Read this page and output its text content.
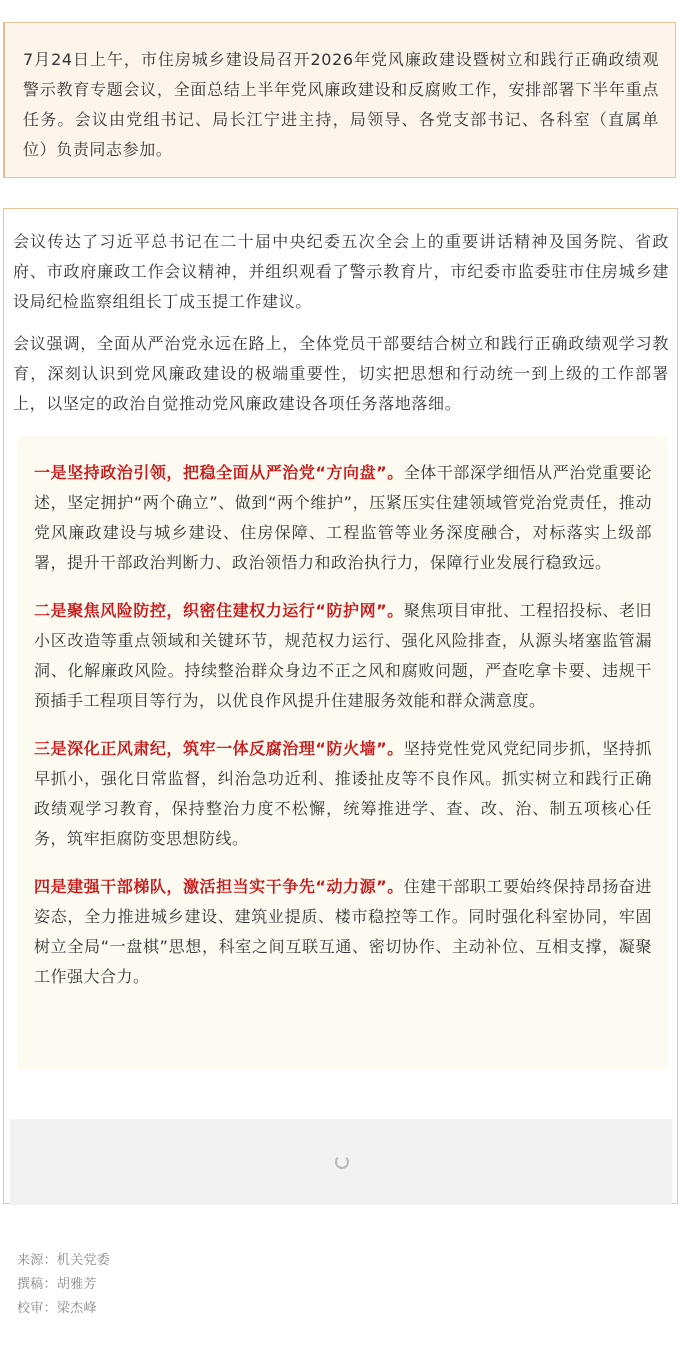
7月24日上午，市住房城乡建设局召开2026年党风廉政建设暨树立和践行正确政绩观警示教育专题会议，全面总结上半年党风廉政建设和反腐败工作，安排部署下半年重点任务。会议由党组书记、局长江宁进主持，局领导、各党支部书记、各科室（直属单位）负责同志参加。

会议传达了习近平总书记在二十届中央纪委五次全会上的重要讲话精神及国务院、省政府、市政府廉政工作会议精神，并组织观看了警示教育片，市纪委市监委驻市住房城乡建设局纪检监察组组长丁成玉提工作建议。

会议强调，全面从严治党永远在路上，全体党员干部要结合树立和践行正确政绩观学习教育，深刻认识到党风廉政建设的极端重要性，切实把思想和行动统一到上级的工作部署上，以坚定的政治自觉推动党风廉政建设各项任务落地落细。

一是坚持政治引领，把稳全面从严治党“方向盘”。全体干部深学细悟从严治党重要论述，坚定拥护“两个确立”、做到“两个维护”，压紧压实住建领域管党治党责任，推动党风廉政建设与城乡建设、住房保障、工程监管等业务深度融合，对标落实上级部署，提升干部政治判断力、政治领悟力和政治执行力，保障行业发展行稳致远。

二是聚焦风险防控，织密住建权力运行“防护网”。聚焦项目审批、工程招投标、老旧小区改造等重点领域和关键环节，规范权力运行、强化风险排查，从源头堵塞监管漏洞、化解廉政风险。持续整治群众身边不正之风和腐败问题，严查吃拿卡要、违规干预插手工程项目等行为，以优良作风提升住建服务效能和群众满意度。

三是深化正风肃纪，筑牢一体反腐治理“防火墙”。坚持党性党风党纪同步抓，坚持抓早抓小，强化日常监督，纠治急功近利、推诿扯皮等不良作风。抓实树立和践行正确政绩观学习教育，保持整治力度不松懈，统筹推进学、查、改、治、制五项核心任务，筑牢拒腐防变思想防线。

四是建强干部梯队，激活担当实干争先“动力源”。住建干部职工要始终保持昂扬奋进姿态，全力推进城乡建设、建筑业提质、楼市稳控等工作。同时强化科室协同，牢固树立全局“一盘棋”思想，科室之间互联互通、密切协作、主动补位、互相支撑，凝聚工作强大合力。

来源：机关党委
撰稿：胡雅芳
校审：梁杰峰
